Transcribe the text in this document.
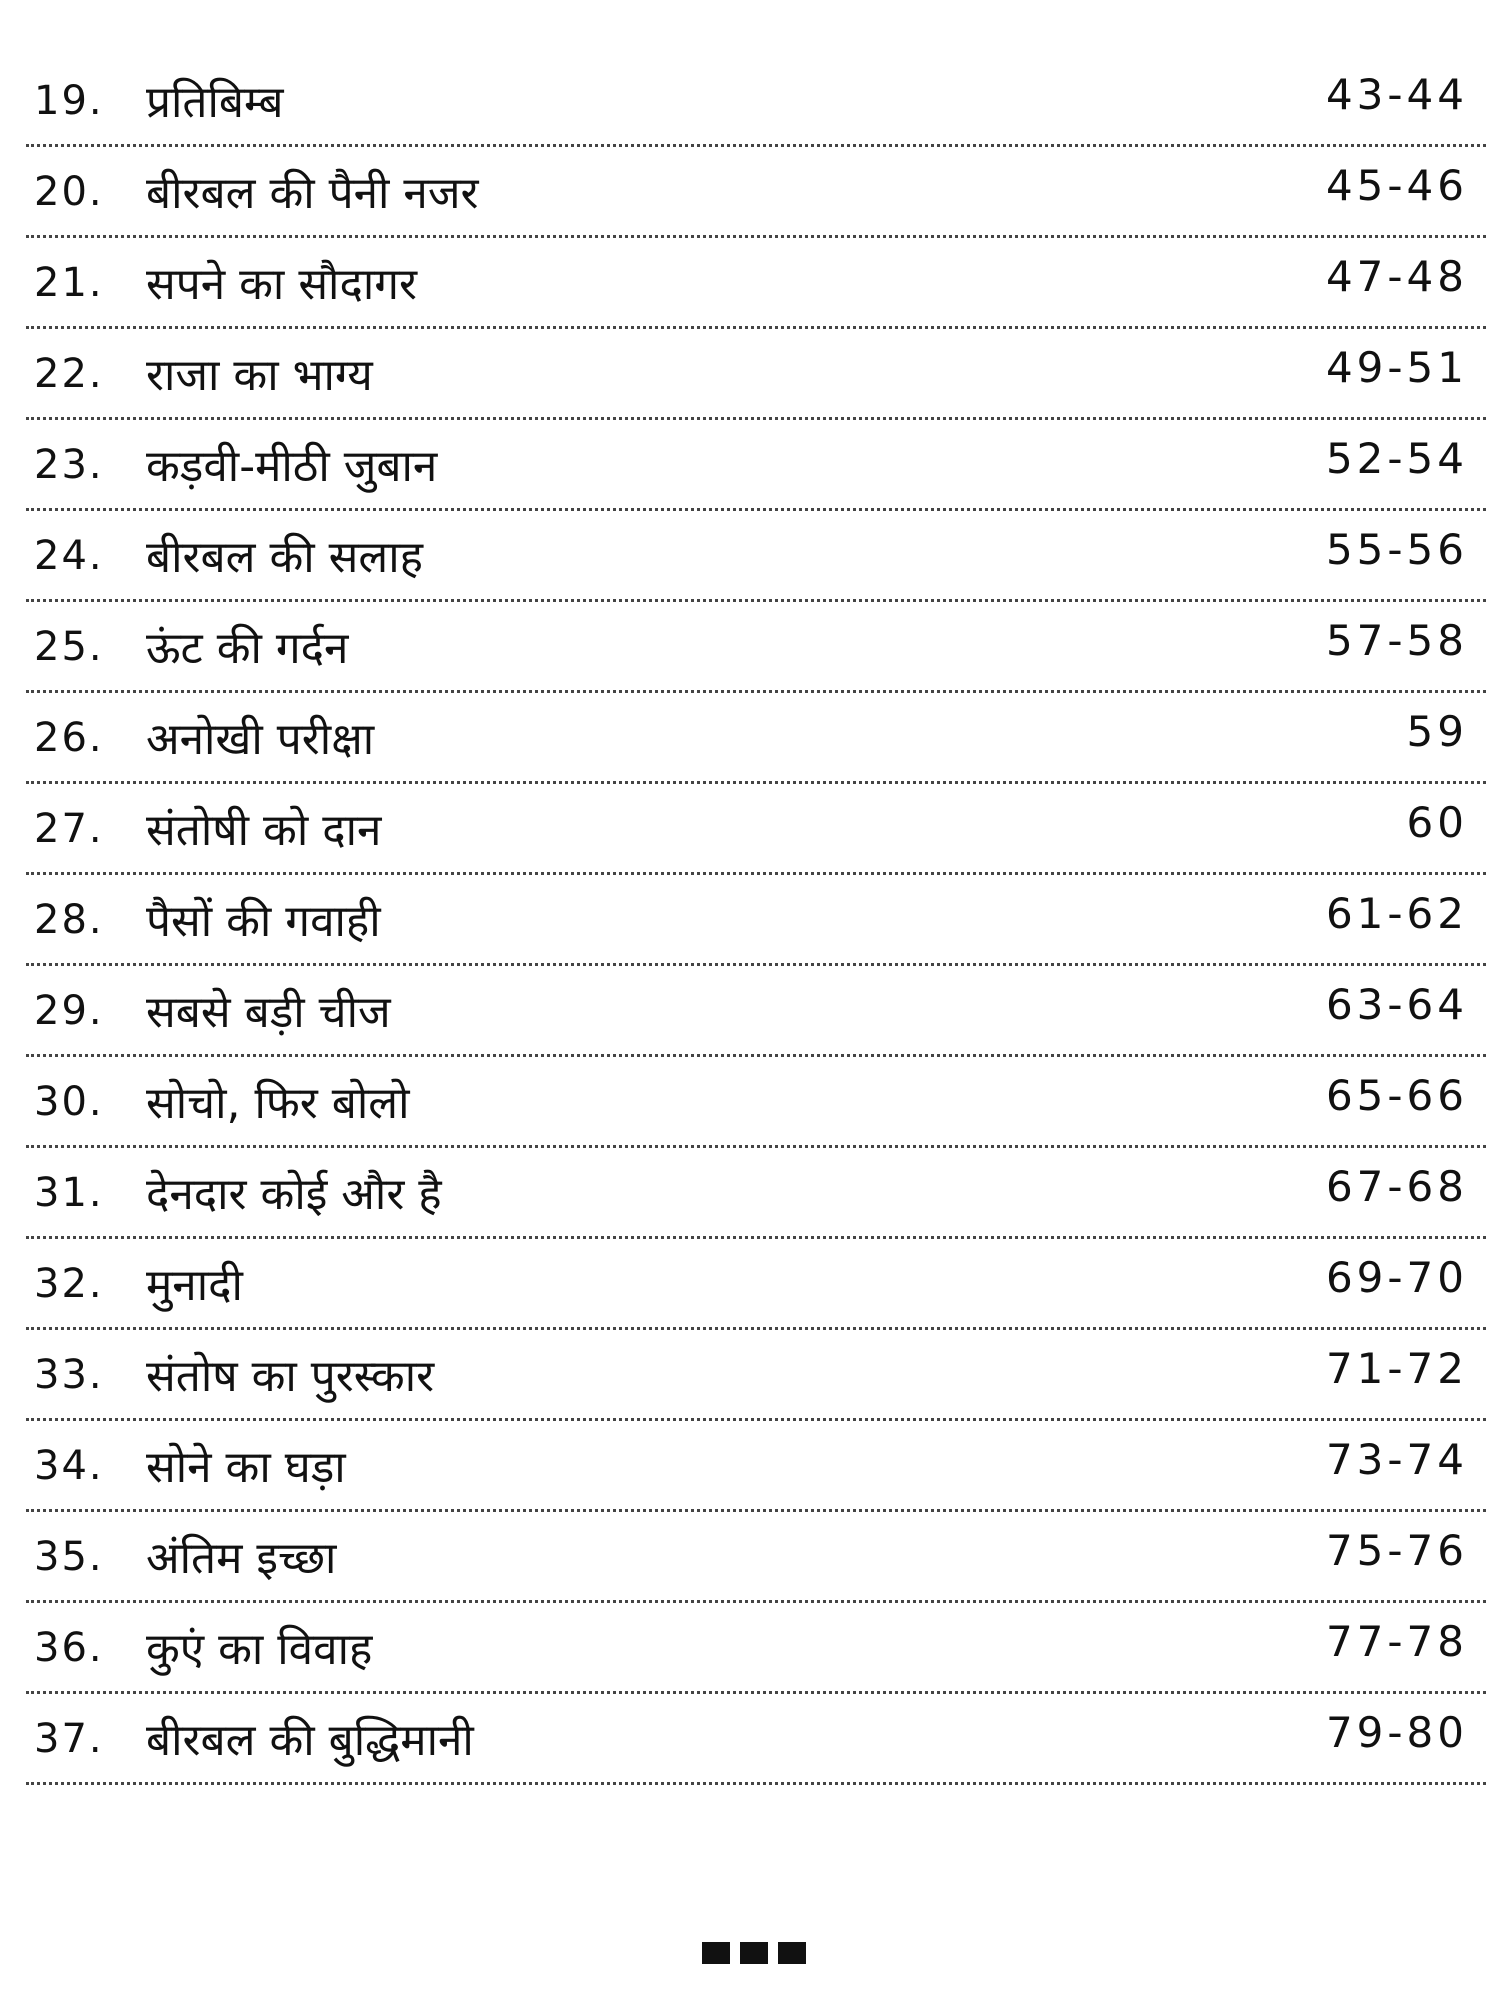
19. प्रतिबिम्ब	43-44
20. बीरबल की पैनी नजर	45-46
21. सपने का सौदागर	47-48
22. राजा का भाग्य	49-51
23. कड़वी-मीठी जुबान	52-54
24. बीरबल की सलाह	55-56
25. ऊंट की गर्दन	57-58
26. अनोखी परीक्षा	59
27. संतोषी को दान	60
28. पैसों की गवाही	61-62
29. सबसे बड़ी चीज	63-64
30. सोचो, फिर बोलो	65-66
31. देनदार कोई और है	67-68
32. मुनादी	69-70
33. संतोष का पुरस्कार	71-72
34. सोने का घड़ा	73-74
35. अंतिम इच्छा	75-76
36. कुएं का विवाह	77-78
37. बीरबल की बुद्धिमानी	79-80
